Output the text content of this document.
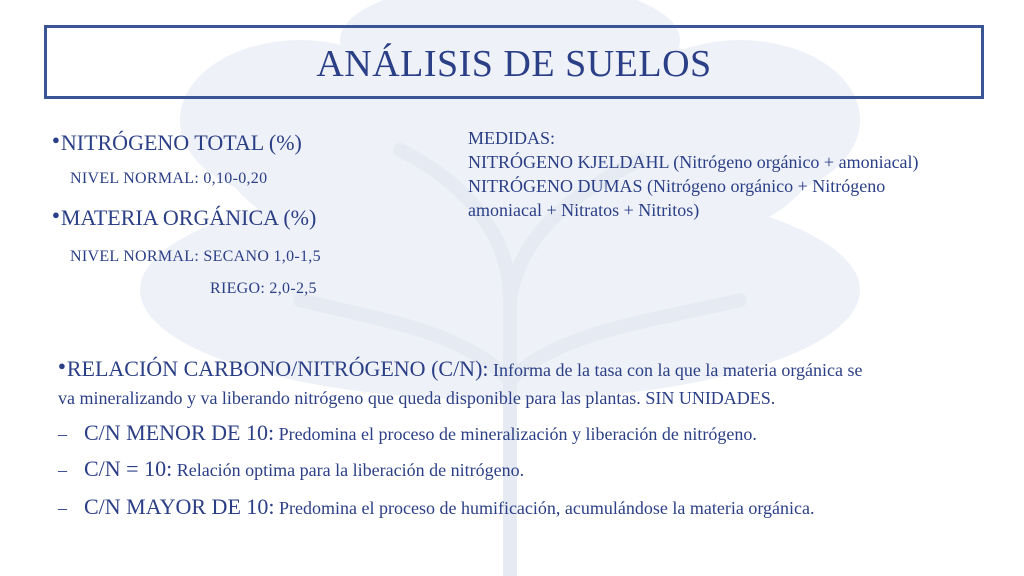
ANÁLISIS DE SUELOS
●NITRÓGENO TOTAL (%)
NIVEL NORMAL: 0,10-0,20
●MATERIA ORGÁNICA (%)
NIVEL NORMAL: SECANO 1,0-1,5
RIEGO: 2,0-2,5
MEDIDAS:
NITRÓGENO KJELDAHL (Nitrógeno orgánico + amoniacal)
NITRÓGENO DUMAS (Nitrógeno orgánico + Nitrógeno
amoniacal + Nitratos + Nitritos)
●RELACIÓN CARBONO/NITRÓGENO (C/N): Informa de la tasa con la que la materia orgánica se
va mineralizando y va liberando nitrógeno que queda disponible para las plantas. SIN UNIDADES.
– C/N MENOR DE 10: Predomina el proceso de mineralización y liberación de nitrógeno.
– C/N = 10: Relación optima para la liberación de nitrógeno.
– C/N MAYOR DE 10: Predomina el proceso de humificación, acumulándose la materia orgánica.
